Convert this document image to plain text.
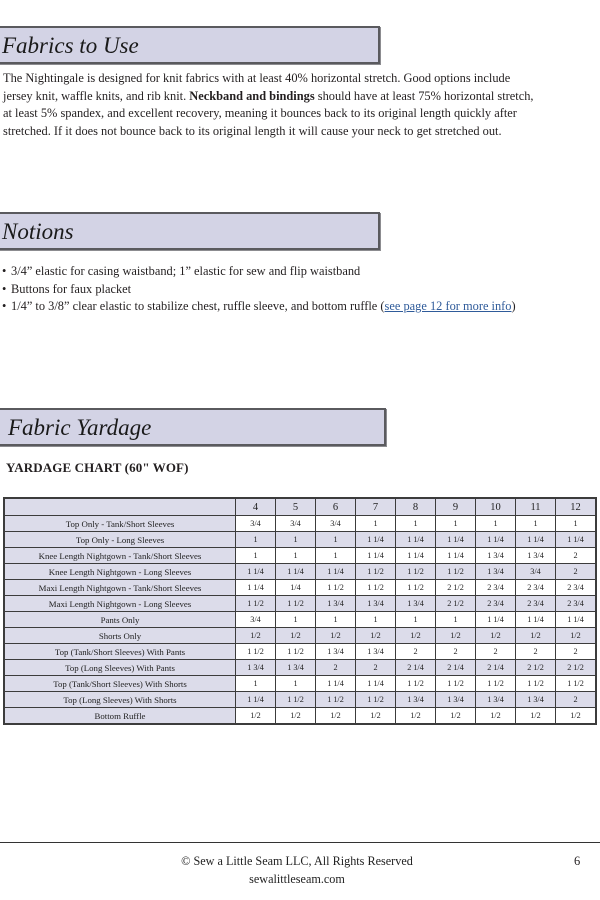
Fabrics to Use
The Nightingale is designed for knit fabrics with at least 40% horizontal stretch. Good options include
jersey knit, waffle knits, and rib knit. Neckband and bindings should have at least 75% horizontal stretch,
at least 5% spandex, and excellent recovery, meaning it bounces back to its original length quickly after
stretched. If it does not bounce back to its original length it will cause your neck to get stretched out.
Notions
• 3/4” elastic for casing waistband; 1” elastic for sew and flip waistband
• Buttons for faux placket
• 1/4” to 3/8” clear elastic to stabilize chest, ruffle sleeve, and bottom ruffle (see page 12 for more info)
Fabric Yardage
YARDAGE CHART (60" WOF)
	4	5	6	7	8	9	10	11	12
Top Only - Tank/Short Sleeves	3/4	3/4	3/4	1	1	1	1	1	1
Top Only - Long Sleeves	1	1	1	1 1/4	1 1/4	1 1/4	1 1/4	1 1/4	1 1/4
Knee Length Nightgown - Tank/Short Sleeves	1	1	1	1 1/4	1 1/4	1 1/4	1 3/4	1 3/4	2
Knee Length Nightgown - Long Sleeves	1 1/4	1 1/4	1 1/4	1 1/2	1 1/2	1 1/2	1 3/4	3/4	2
Maxi Length Nightgown - Tank/Short Sleeves	1 1/4	1/4	1 1/2	1 1/2	1 1/2	2 1/2	2 3/4	2 3/4	2 3/4
Maxi Length Nightgown - Long Sleeves	1 1/2	1 1/2	1 3/4	1 3/4	1 3/4	2 1/2	2 3/4	2 3/4	2 3/4
Pants Only	3/4	1	1	1	1	1	1 1/4	1 1/4	1 1/4
Shorts Only	1/2	1/2	1/2	1/2	1/2	1/2	1/2	1/2	1/2
Top (Tank/Short Sleeves) With Pants	1 1/2	1 1/2	1 3/4	1 3/4	2	2	2	2	2
Top (Long Sleeves) With Pants	1 3/4	1 3/4	2	2	2 1/4	2 1/4	2 1/4	2 1/2	2 1/2
Top (Tank/Short Sleeves) With Shorts	1	1	1 1/4	1 1/4	1 1/2	1 1/2	1 1/2	1 1/2	1 1/2
Top (Long Sleeves) With Shorts	1 1/4	1 1/2	1 1/2	1 1/2	1 3/4	1 3/4	1 3/4	1 3/4	2
Bottom Ruffle	1/2	1/2	1/2	1/2	1/2	1/2	1/2	1/2	1/2
© Sew a Little Seam LLC, All Rights Reserved
sewalittleseam.com
6
